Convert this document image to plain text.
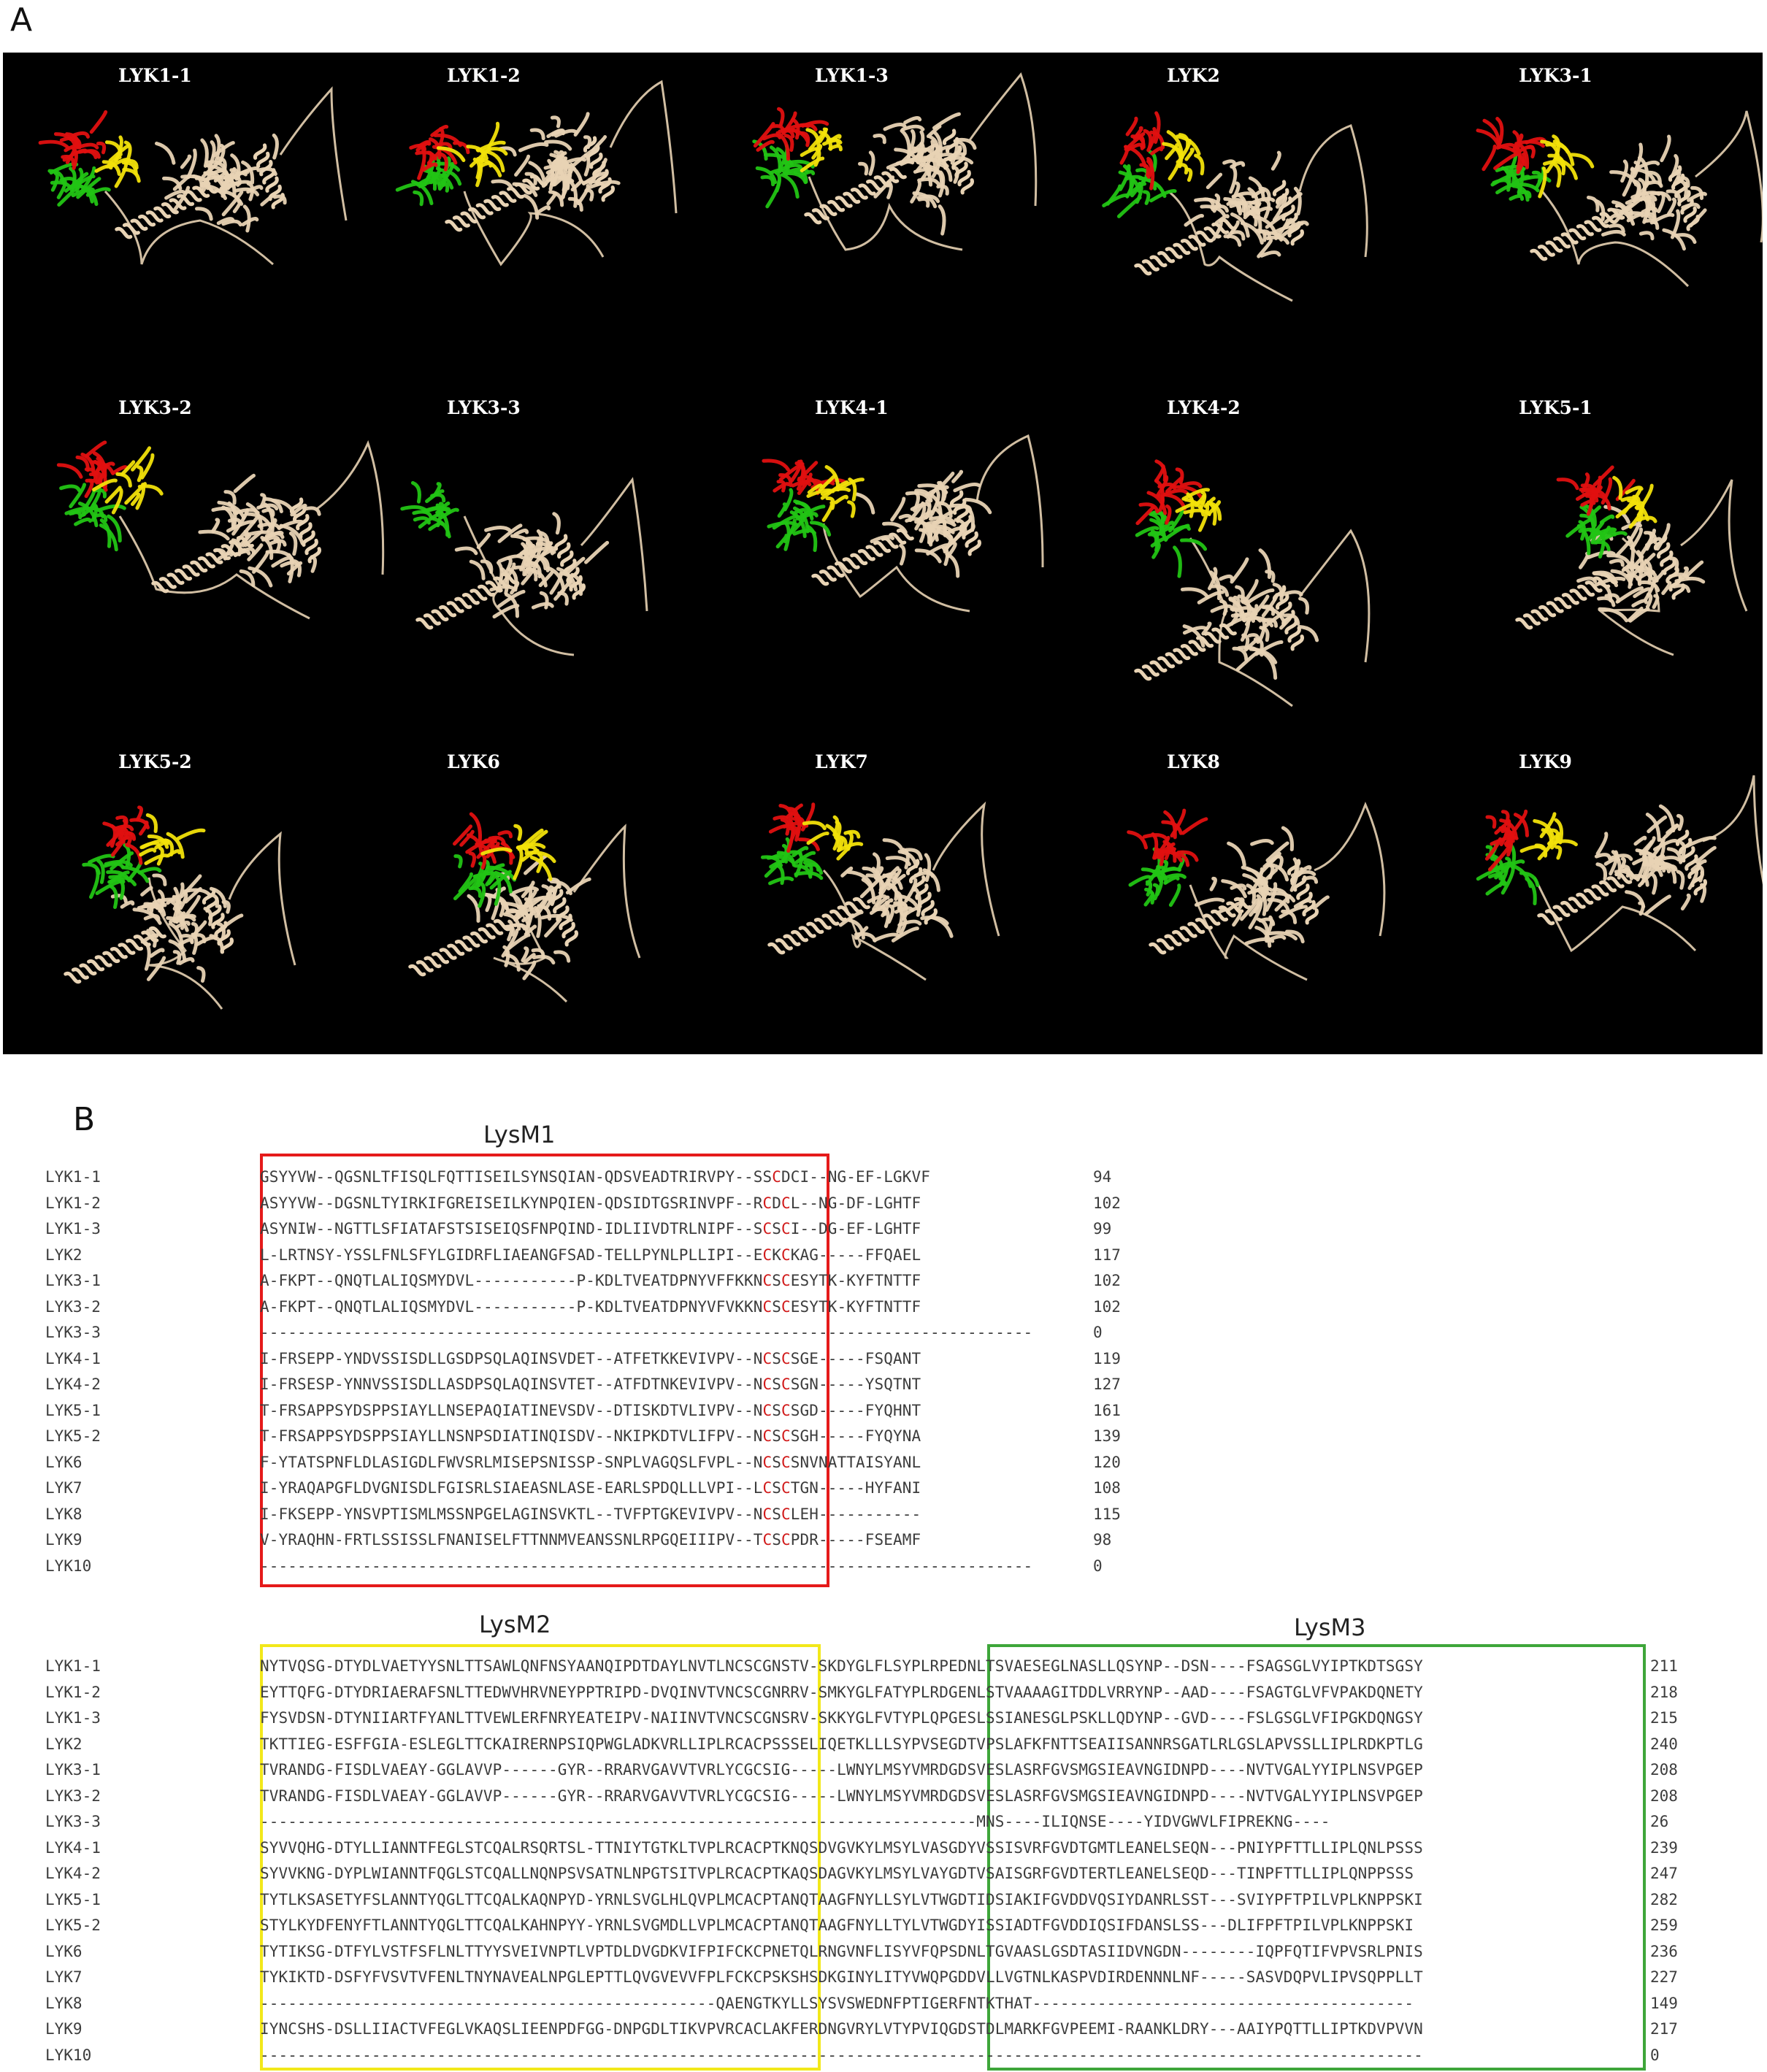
A
LYK1-1	LYK1-2	LYK1-3	LYK2	LYK3-1
LYK3-2	LYK3-3	LYK4-1	LYK4-2	LYK5-1
LYK5-2	LYK6	LYK7	LYK8	LYK9
B	LysM1
LYK1-1	GSYYVW--QGSNLTFISQLFQTTISEILSYNSQIAN-QDSVEADTRIRVPY--SSCDCI--NG-EF-LGKVF	94
LYK1-2	ASYYVW--DGSNLTYIRKIFGREISEILKYNPQIEN-QDSIDTGSRINVPF--RCDCL--NG-DF-LGHTF	102
LYK1-3	ASYNIW--NGTTLSFIATAFSTSISEIQSFNPQIND-IDLIIVDTRLNIPF--SCSCI--DG-EF-LGHTF	99
LYK2	L-LRTNSY-YSSLFNLSFYLGIDRFLIAEANGFSAD-TELLPYNLPLLIPI--ECKCKAG-----FFQAEL	117
LYK3-1	A-FKPT--QNQTLALIQSMYDVL-----------P-KDLTVEATDPNYVFFKKNCSCESYTK-KYFTNTTF	102
LYK3-2	A-FKPT--QNQTLALIQSMYDVL-----------P-KDLTVEATDPNYVFVKKNCSCESYTK-KYFTNTTF	102
LYK3-3	-----------------------------------------------------------------------------------	0
LYK4-1	I-FRSEPP-YNDVSSISDLLGSDPSQLAQINSVDET--ATFETKKEVIVPV--NCSCSGE-----FSQANT	119
LYK4-2	I-FRSESP-YNNVSSISDLLASDPSQLAQINSVTET--ATFDTNKEVIVPV--NCSCSGN-----YSQTNT	127
LYK5-1	T-FRSAPPSYDSPPSIAYLLNSEPAQIATINEVSDV--DTISKDTVLIVPV--NCSCSGD-----FYQHNT	161
LYK5-2	T-FRSAPPSYDSPPSIAYLLNSNPSDIATINQISDV--NKIPKDTVLIFPV--NCSCSGH-----FYQYNA	139
LYK6	F-YTATSPNFLDLASIGDLFWVSRLMISEPSNISSP-SNPLVAGQSLFVPL--NCSCSNVNATTAISYANL	120
LYK7	I-YRAQAPGFLDVGNISDLFGISRLSIAEASNLASE-EARLSPDQLLLVPI--LCSCTGN-----HYFANI	108
LYK8	I-FKSEPP-YNSVPTISMLMSSNPGELAGINSVKTL--TVFPTGKEVIVPV--NCSCLEH-----------	115
LYK9	V-YRAQHN-FRTLSSISSLFNANISELFTTNNMVEANSSNLRPGQEIIIPV--TCSCPDR-----FSEAMF	98
LYK10	-----------------------------------------------------------------------------------	0
LysM2	LysM3
LYK1-1	NYTVQSG-DTYDLVAETYYSNLTTSAWLQNFNSYAANQIPDTDAYLNVTLNCSCGNSTV-SKDYGLFLSYPLRPEDNLTSVAESEGLNASLLQSYNP--DSN----FSAGSGLVYIPTKDTSGSY	211
LYK1-2	EYTTQFG-DTYDRIAERAFSNLTTEDWVHRVNEYPPTRIPD-DVQINVTVNCSCGNRRV-SMKYGLFATYPLRDGENLSTVAAAAGITDDLVRRYNP--AAD----FSAGTGLVFVPAKDQNETY	218
LYK1-3	FYSVDSN-DTYNIIARTFYANLTTVEWLERFNRYEATEIPV-NAIINVTVNCSCGNSRV-SKKYGLFVTYPLQPGESLSSIANESGLPSKLLQDYNP--GVD----FSLGSGLVFIPGKDQNGSY	215
LYK2	TKTTIEG-ESFFGIA-ESLEGLTTCKAIRERNPSIQPWGLADKVRLLIPLRCACPSSSELIQETKLLLSYPVSEGDTVPSLAFKFNTTSEAIISANNRSGATLRLGSLAPVSSLLIPLRDKPTLG	240
LYK3-1	TVRANDG-FISDLVAEAY-GGLAVVP------GYR--RRARVGAVVTVRLYCGCSIG-----LWNYLMSYVMRDGDSVESLASRFGVSMGSIEAVNGIDNPD----NVTVGALYYIPLNSVPGEP	208
LYK3-2	TVRANDG-FISDLVAEAY-GGLAVVP------GYR--RRARVGAVVTVRLYCGCSIG-----LWNYLMSYVMRDGDSVESLASRFGVSMGSIEAVNGIDNPD----NVTVGALYYIPLNSVPGEP	208
LYK3-3	-----------------------------------------------------------------------------MNS----ILIQNSE----YIDVGWVLFIPREKNG----	26
LYK4-1	SYVVQHG-DTYLLIANNTFEGLSTCQALRSQRTSL-TTNIYTGTKLTVPLRCACPTKNQSDVGVKYLMSYLVASGDYVSSISVRFGVDTGMTLEANELSEQN---PNIYPFTTLLIPLQNLPSSS	239
LYK4-2	SYVVKNG-DYPLWIANNTFQGLSTCQALLNQNPSVSATNLNPGTSITVPLRCACPTKAQSDAGVKYLMSYLVAYGDTVSAISGRFGVDTERTLEANELSEQD---TINPFTTLLIPLQNPPSSS	247
LYK5-1	TYTLKSASETYFSLANNTYQGLTTCQALKAQNPYD-YRNLSVGLHLQVPLMCACPTANQTAAGFNYLLSYLVTWGDTIDSIAKIFGVDDVQSIYDANRLSST---SVIYPFTPILVPLKNPPSKI	282
LYK5-2	STYLKYDFENYFTLANNTYQGLTTCQALKAHNPYY-YRNLSVGMDLLVPLMCACPTANQTAAGFNYLLTYLVTWGDYISSIADTFGVDDIQSIFDANSLSS---DLIFPFTPILVPLKNPPSKI	259
LYK6	TYTIKSG-DTFYLVSTFSFLNLTTYYSVEIVNPTLVPTDLDVGDKVIFPIFCKCPNETQLRNGVNFLISYVFQPSDNLTGVAASLGSDTASIIDVNGDN--------IQPFQTIFVPVSRLPNIS	236
LYK7	TYKIKTD-DSFYFVSVTVFENLTNYNAVEALNPGLEPTTLQVGVEVVFPLFCKCPSKSHSDKGINYLITYVWQPGDDVLLVGTNLKASPVDIRDENNNLNF-----SASVDQPVLIPVSQPPLLT	227
LYK8	-------------------------------------------------QAENGTKYLLSYSVSWEDNFPTIGERFNTKTHAT-----------------------------------------	149
LYK9	IYNCSHS-DSLLIIACTVFEGLVKAQSLIEENPDFGG-DNPGDLTIKVPVRCACLAKFERDNGVRYLVTYPVIQGDSTDLMARKFGVPEEMI-RAANKLDRY---AAIYPQTTLLIPTKDVPVVN	217
LYK10	-----------------------------------------------------------------------------------------------------------------------------	0
